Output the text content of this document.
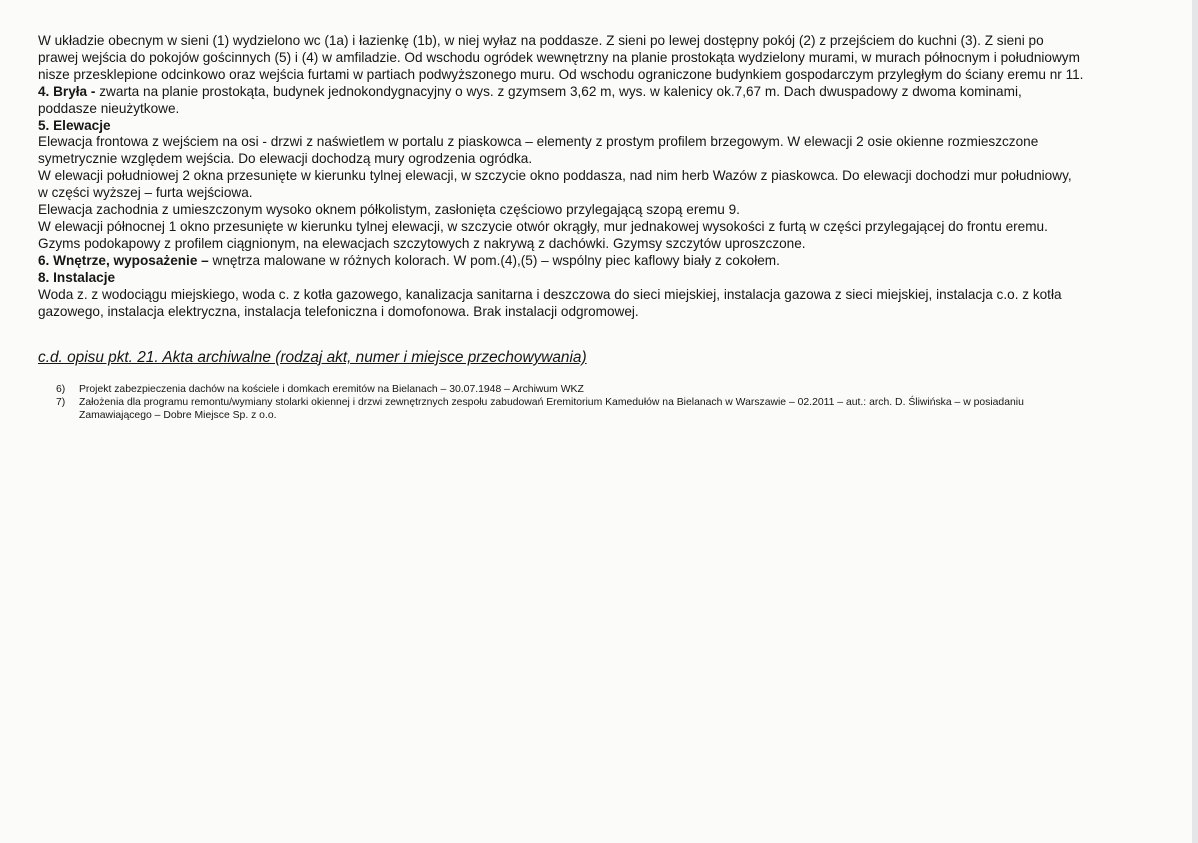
W układzie obecnym w sieni (1) wydzielono wc (1a) i łazienkę (1b), w niej wyłaz na poddasze. Z sieni po lewej dostępny pokój (2) z przejściem do kuchni (3). Z sieni po
prawej wejścia do pokojów gościnnych (5) i (4) w amfiladzie. Od wschodu ogródek wewnętrzny na planie prostokąta wydzielony murami, w murach północnym i południowym
nisze przesklepione odcinkowo oraz wejścia furtami w partiach podwyższonego muru. Od wschodu ograniczone budynkiem gospodarczym przyległym do ściany eremu nr 11.
4. Bryła - zwarta na planie prostokąta, budynek jednokondygnacyjny o wys. z gzymsem 3,62 m, wys. w kalenicy ok.7,67 m. Dach dwuspadowy z dwoma kominami,
poddasze nieużytkowe.
5. Elewacje
Elewacja frontowa z wejściem na osi - drzwi z naświetlem w portalu z piaskowca – elementy z prostym profilem brzegowym. W elewacji 2 osie okienne rozmieszczone
symetrycznie względem wejścia. Do elewacji dochodzą mury ogrodzenia ogródka.
W elewacji południowej 2 okna przesunięte w kierunku tylnej elewacji, w szczycie okno poddasza, nad nim herb Wazów z piaskowca. Do elewacji dochodzi mur południowy,
w części wyższej – furta wejściowa.
Elewacja zachodnia z umieszczonym wysoko oknem półkolistym, zasłonięta częściowo przylegającą szopą eremu 9.
W elewacji północnej 1 okno przesunięte w kierunku tylnej elewacji, w szczycie otwór okrągły, mur jednakowej wysokości z furtą w części przylegającej do frontu eremu.
Gzyms podokapowy z profilem ciągnionym, na elewacjach szczytowych z nakrywą z dachówki. Gzymsy szczytów uproszczone.
6. Wnętrze, wyposażenie – wnętrza malowane w różnych kolorach. W pom.(4),(5) – wspólny piec kaflowy biały z cokołem.
8. Instalacje
Woda z. z wodociągu miejskiego, woda c. z kotła gazowego, kanalizacja sanitarna i deszczowa do sieci miejskiej, instalacja gazowa z sieci miejskiej, instalacja c.o. z kotła
gazowego, instalacja elektryczna, instalacja telefoniczna i domofonowa. Brak instalacji odgromowej.
c.d. opisu pkt. 21. Akta archiwalne (rodzaj akt, numer i miejsce przechowywania)
6)	Projekt zabezpieczenia dachów na kościele i domkach eremitów na Bielanach – 30.07.1948 – Archiwum WKZ
7)	Założenia dla programu remontu/wymiany stolarki okiennej i drzwi zewnętrznych zespołu zabudowań Eremitorium Kamedułów na Bielanach w Warszawie – 02.2011 – aut.: arch. D. Śliwińska – w posiadaniu
Zamawiającego – Dobre Miejsce Sp. z o.o.
